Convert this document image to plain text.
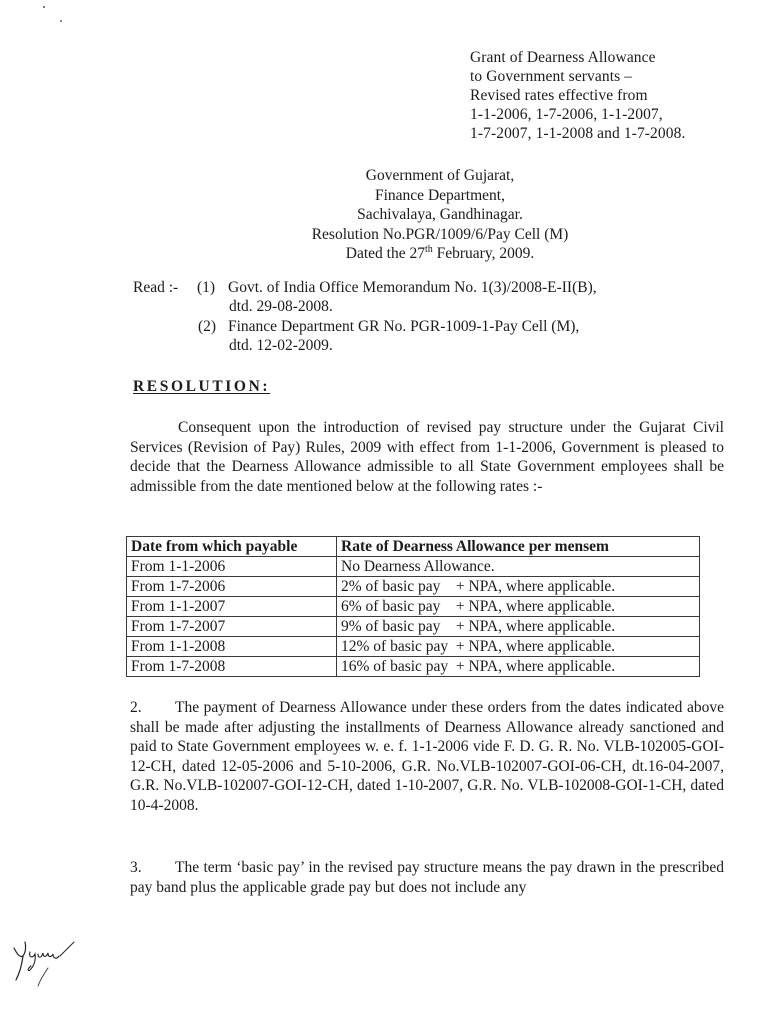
Grant of Dearness Allowance
to Government servants –
Revised rates effective from
1-1-2006, 1-7-2006, 1-1-2007,
1-7-2007, 1-1-2008 and 1-7-2008.
Government of Gujarat,
Finance Department,
Sachivalaya, Gandhinagar.
Resolution No.PGR/1009/6/Pay Cell (M)
Dated the 27th February, 2009.
Read :- (1) Govt. of India Office Memorandum No. 1(3)/2008-E-II(B),
dtd. 29-08-2008.
(2) Finance Department GR No. PGR-1009-1-Pay Cell (M),
dtd. 12-02-2009.
RESOLUTION:
Consequent upon the introduction of revised pay structure under the Gujarat Civil Services (Revision of Pay) Rules, 2009 with effect from 1-1-2006, Government is pleased to decide that the Dearness Allowance admissible to all State Government employees shall be admissible from the date mentioned below at the following rates :-
Date from which payable	Rate of Dearness Allowance per mensem
From 1-1-2006	No Dearness Allowance.
From 1-7-2006	2% of basic pay    + NPA, where applicable.
From 1-1-2007	6% of basic pay    + NPA, where applicable.
From 1-7-2007	9% of basic pay    + NPA, where applicable.
From 1-1-2008	12% of basic pay  + NPA, where applicable.
From 1-7-2008	16% of basic pay  + NPA, where applicable.
2. The payment of Dearness Allowance under these orders from the dates indicated above shall be made after adjusting the installments of Dearness Allowance already sanctioned and paid to State Government employees w. e. f. 1-1-2006 vide F. D. G. R. No. VLB-102005-GOI-12-CH, dated 12-05-2006 and 5-10-2006, G.R. No.VLB-102007-GOI-06-CH, dt.16-04-2007, G.R. No.VLB-102007-GOI-12-CH, dated 1-10-2007, G.R. No. VLB-102008-GOI-1-CH, dated 10-4-2008.
3. The term ‘basic pay’ in the revised pay structure means the pay drawn in the prescribed pay band plus the applicable grade pay but does not include any
